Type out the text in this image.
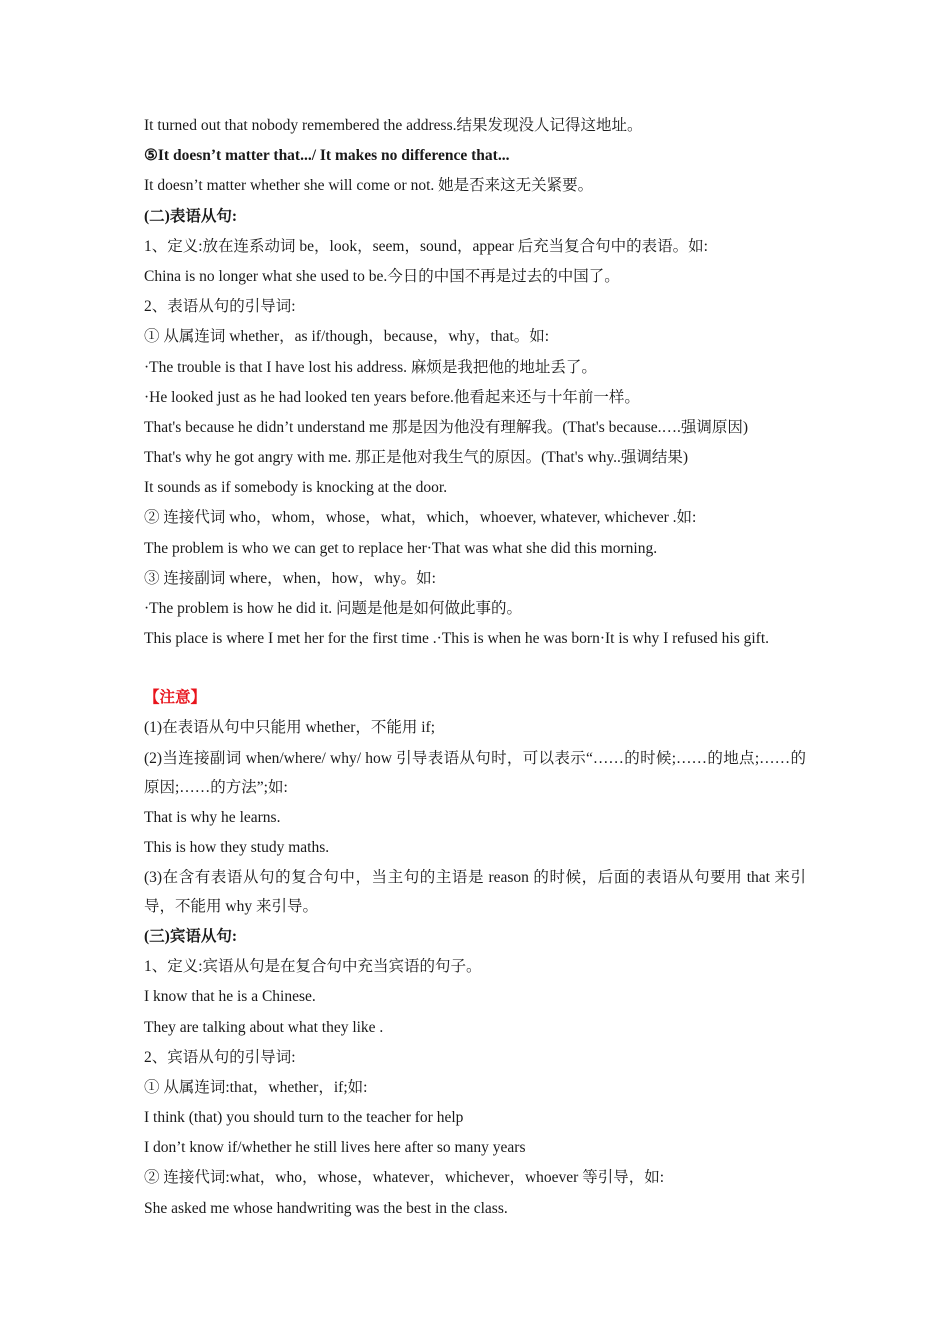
It turned out that nobody remembered the address.结果发现没人记得这地址。
⑤It doesn’t matter that.../ It makes no difference that...
It doesn’t matter whether she will come or not. 她是否来这无关紧要。
(二)表语从句:
1、定义:放在连系动词 be，look，seem，sound，appear 后充当复合句中的表语。如:
China is no longer what she used to be.今日的中国不再是过去的中国了。
2、表语从句的引导词:
① 从属连词 whether，as if/though，because，why，that。如:
·The trouble is that I have lost his address. 麻烦是我把他的地址丢了。
·He looked just as he had looked ten years before.他看起来还与十年前一样。
That's because he didn’t understand me 那是因为他没有理解我。(That's because.….强调原因)
That's why he got angry with me. 那正是他对我生气的原因。(That's why..强调结果)
It sounds as if somebody is knocking at the door.
② 连接代词 who，whom，whose，what，which，whoever, whatever, whichever .如:
The problem is who we can get to replace her·That was what she did this morning.
③ 连接副词 where，when，how，why。如:
·The problem is how he did it. 问题是他是如何做此事的。
This place is where I met her for the first time .·This is when he was born·It is why I refused his gift.
【注意】
(1)在表语从句中只能用 whether，不能用 if;
(2)当连接副词 when/where/ why/ how 引导表语从句时，可以表示“……的时候;……的地点;……的原因;……的方法”;如:
That is why he learns.
This is how they study maths.
(3)在含有表语从句的复合句中，当主句的主语是 reason 的时候，后面的表语从句要用 that 来引导，不能用 why 来引导。
(三)宾语从句:
1、定义:宾语从句是在复合句中充当宾语的句子。
I know that he is a Chinese.
They are talking about what they like .
2、宾语从句的引导词:
① 从属连词:that，whether，if;如:
I think (that) you should turn to the teacher for help
I don’t know if/whether he still lives here after so many years
② 连接代词:what，who，whose，whatever，whichever，whoever 等引导，如:
She asked me whose handwriting was the best in the class.
